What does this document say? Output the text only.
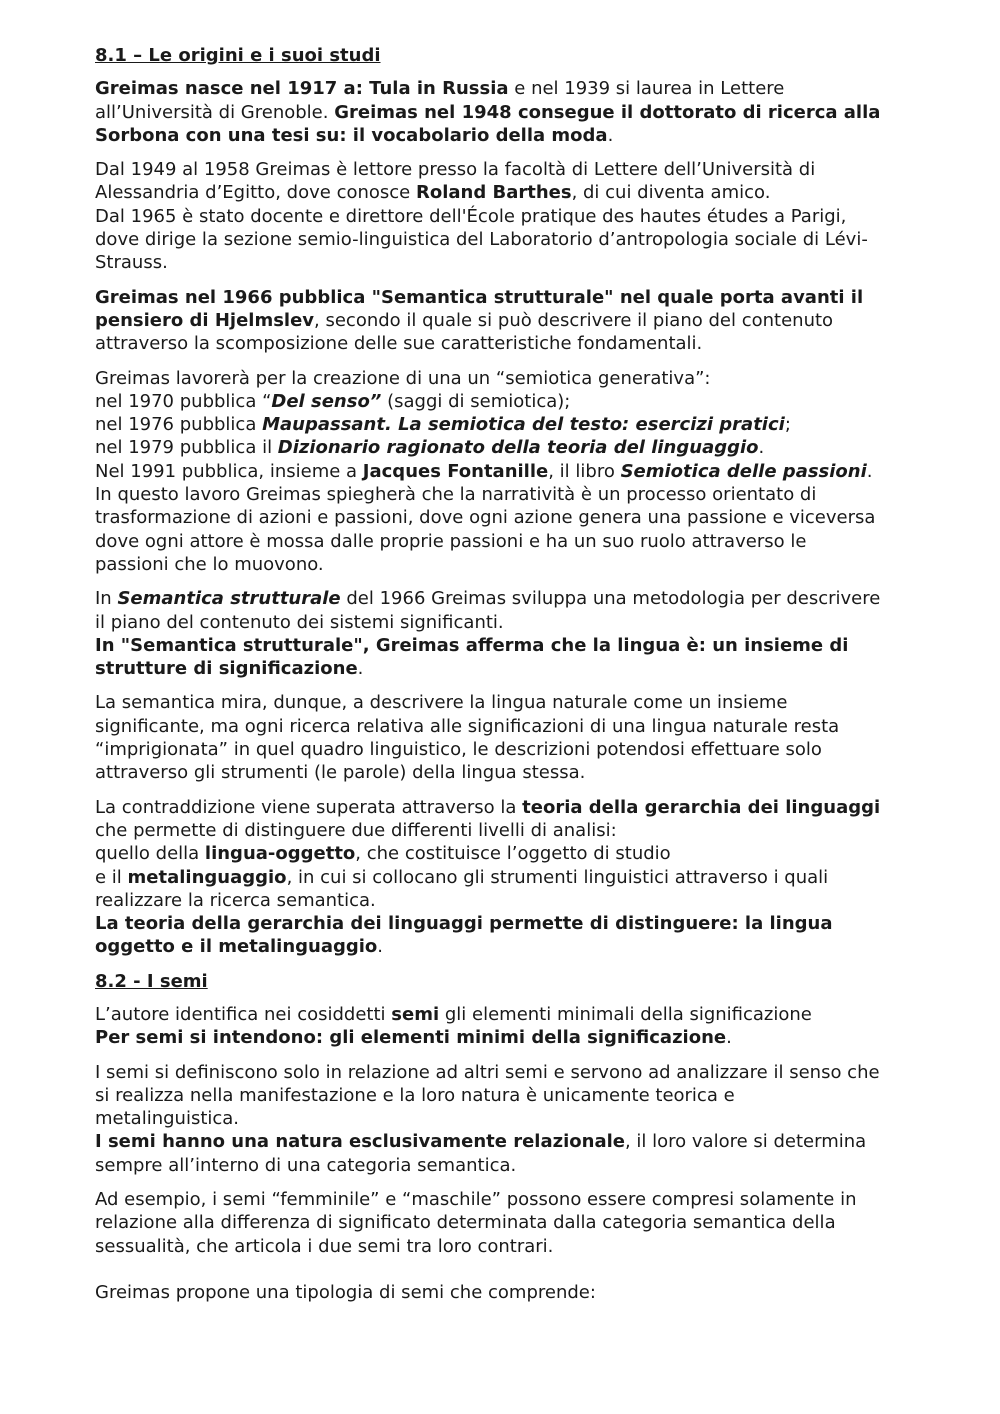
8.1 – Le origini e i suoi studi
Greimas nasce nel 1917 a: Tula in Russia e nel 1939 si laurea in Lettere
all’Università di Grenoble. Greimas nel 1948 consegue il dottorato di ricerca alla
Sorbona con una tesi su: il vocabolario della moda.
Dal 1949 al 1958 Greimas è lettore presso la facoltà di Lettere dell’Università di
Alessandria d’Egitto, dove conosce Roland Barthes, di cui diventa amico.
Dal 1965 è stato docente e direttore dell'École pratique des hautes études a Parigi,
dove dirige la sezione semio-linguistica del Laboratorio d’antropologia sociale di Lévi-
Strauss.
Greimas nel 1966 pubblica "Semantica strutturale" nel quale porta avanti il
pensiero di Hjelmslev, secondo il quale si può descrivere il piano del contenuto
attraverso la scomposizione delle sue caratteristiche fondamentali.
Greimas lavorerà per la creazione di una un “semiotica generativa”:
nel 1970 pubblica “Del senso” (saggi di semiotica);
nel 1976 pubblica Maupassant. La semiotica del testo: esercizi pratici;
nel 1979 pubblica il Dizionario ragionato della teoria del linguaggio.
Nel 1991 pubblica, insieme a Jacques Fontanille, il libro Semiotica delle passioni.
In questo lavoro Greimas spiegherà che la narratività è un processo orientato di
trasformazione di azioni e passioni, dove ogni azione genera una passione e viceversa
dove ogni attore è mossa dalle proprie passioni e ha un suo ruolo attraverso le
passioni che lo muovono.
In Semantica strutturale del 1966 Greimas sviluppa una metodologia per descrivere
il piano del contenuto dei sistemi significanti.
In "Semantica strutturale", Greimas afferma che la lingua è: un insieme di
strutture di significazione.
La semantica mira, dunque, a descrivere la lingua naturale come un insieme
significante, ma ogni ricerca relativa alle significazioni di una lingua naturale resta
“imprigionata” in quel quadro linguistico, le descrizioni potendosi effettuare solo
attraverso gli strumenti (le parole) della lingua stessa.
La contraddizione viene superata attraverso la teoria della gerarchia dei linguaggi
che permette di distinguere due differenti livelli di analisi:
quello della lingua-oggetto, che costituisce l’oggetto di studio
e il metalinguaggio, in cui si collocano gli strumenti linguistici attraverso i quali
realizzare la ricerca semantica.
La teoria della gerarchia dei linguaggi permette di distinguere: la lingua
oggetto e il metalinguaggio.
8.2 - I semi
L’autore identifica nei cosiddetti semi gli elementi minimali della significazione
Per semi si intendono: gli elementi minimi della significazione.
I semi si definiscono solo in relazione ad altri semi e servono ad analizzare il senso che
si realizza nella manifestazione e la loro natura è unicamente teorica e
metalinguistica.
I semi hanno una natura esclusivamente relazionale, il loro valore si determina
sempre all’interno di una categoria semantica.
Ad esempio, i semi “femminile” e “maschile” possono essere compresi solamente in
relazione alla differenza di significato determinata dalla categoria semantica della
sessualità, che articola i due semi tra loro contrari.

Greimas propone una tipologia di semi che comprende:
